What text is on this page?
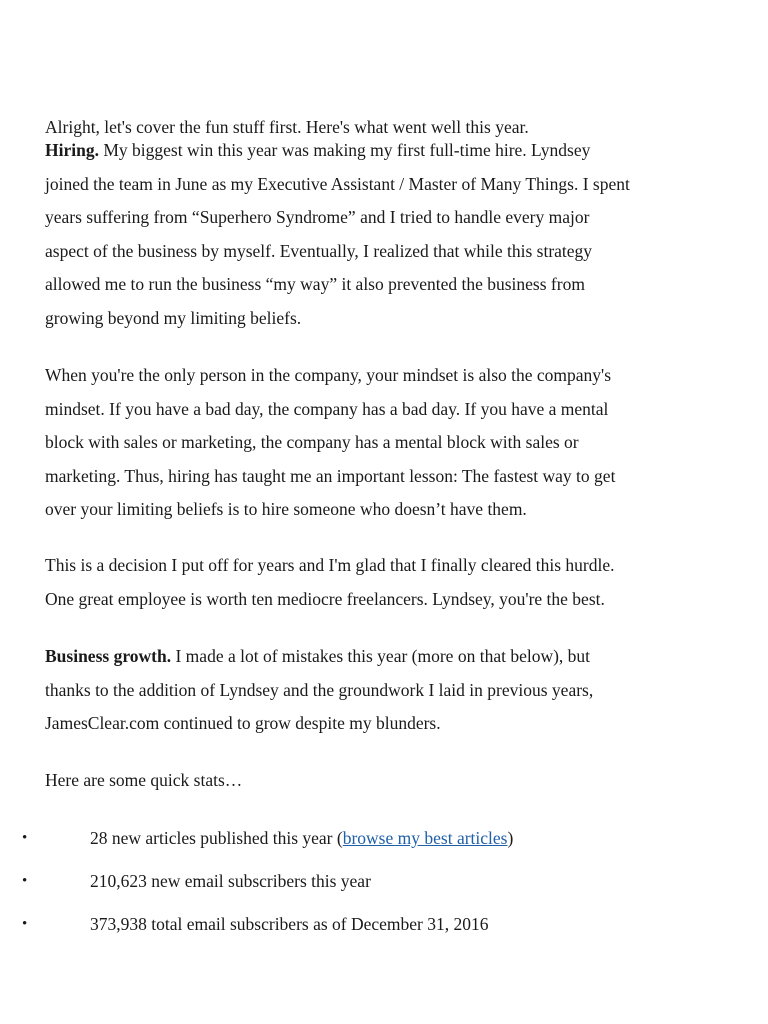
Alright, let's cover the fun stuff first. Here's what went well this year.

Hiring. My biggest win this year was making my first full-time hire. Lyndsey
joined the team in June as my Executive Assistant / Master of Many Things. I spent
years suffering from “Superhero Syndrome” and I tried to handle every major
aspect of the business by myself. Eventually, I realized that while this strategy
allowed me to run the business “my way” it also prevented the business from
growing beyond my limiting beliefs.

When you're the only person in the company, your mindset is also the company's
mindset. If you have a bad day, the company has a bad day. If you have a mental
block with sales or marketing, the company has a mental block with sales or
marketing. Thus, hiring has taught me an important lesson: The fastest way to get
over your limiting beliefs is to hire someone who doesn’t have them.

This is a decision I put off for years and I'm glad that I finally cleared this hurdle.
One great employee is worth ten mediocre freelancers. Lyndsey, you're the best.

Business growth. I made a lot of mistakes this year (more on that below), but
thanks to the addition of Lyndsey and the groundwork I laid in previous years,
JamesClear.com continued to grow despite my blunders.

Here are some quick stats…

•	28 new articles published this year (browse my best articles)
•	210,623 new email subscribers this year
•	373,938 total email subscribers as of December 31, 2016
